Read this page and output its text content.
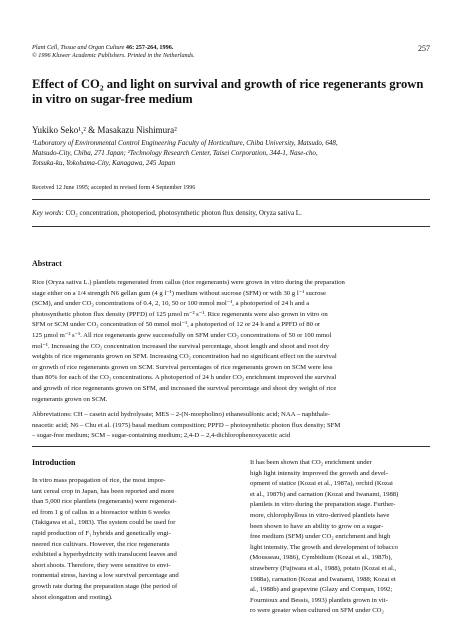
Plant Cell, Tissue and Organ Culture 46: 257-264, 1996.
© 1996 Kluwer Academic Publishers. Printed in the Netherlands.
257
Effect of CO₂ and light on survival and growth of rice regenerants grown in vitro on sugar-free medium
Yukiko Seko¹,² & Masakazu Nishimura²
¹Laboratory of Environmental Control Engineering Faculty of Horticulture, Chiba University, Matsudo, 648,
Matsudo-City, Chiba, 271 Japan; ²Technology Research Center, Taisei Corporation, 344-1, Nase-cho,
Totsuka-ku, Yokohama-City, Kanagawa, 245 Japan
Received 12 June 1995; accepted in revised form 4 September 1996
Key words: CO₂ concentration, photoperiod, photosynthetic photon flux density, Oryza sativa L.
Abstract
Rice (Oryza sativa L.) plantlets regenerated from callus (rice regenerants) were grown in vitro during the preparation
stage either on a 1/4 strength N6 gellan gum (4 g l⁻¹) medium without sucrose (SFM) or with 30 g l⁻¹ sucrose
(SCM), and under CO₂ concentrations of 0.4, 2, 10, 50 or 100 mmol mol⁻¹, a photoperiod of 24 h and a
photosynthetic photon flux density (PPFD) of 125 µmol m⁻² s⁻¹. Rice regenerants were also grown in vitro on
SFM or SCM under CO₂ concentration of 50 mmol mol⁻¹, a photoperiod of 12 or 24 h and a PPFD of 80 or
125 µmol m⁻² s⁻¹. All rice regenerants grew successfully on SFM under CO₂ concentrations of 50 or 100 mmol
mol⁻¹. Increasing the CO₂ concentration increased the survival percentage, shoot length and shoot and root dry
weights of rice regenerants grown on SFM. Increasing CO₂ concentration had no significant effect on the survival
or growth of rice regenerants grown on SCM. Survival percentages of rice regenerants grown on SCM were less
than 80% for each of the CO₂ concentrations. A photoperiod of 24 h under CO₂ enrichment improved the survival
and growth of rice regenerants grown on SFM, and increased the survival percentage and shoot dry weight of rice
regenerants grown on SCM.
Abbreviations: CH – casein acid hydrolysate; MES – 2-(N-morpholino) ethanesulfonic acid; NAA – naphthale-
neacetic acid; N6 – Chu et al. (1975) basal medium composition; PPFD – photosynthetic photon flux density; SFM
– sugar-free medium; SCM – sugar-containing medium; 2,4-D – 2,4-dichlorophenoxyacetic acid
Introduction
In vitro mass propagation of rice, the most impor-
tant cereal crop in Japan, has been reported and more
than 5,000 rice plantlets (regenerants) were regenerat-
ed from 1 g of callus in a bioreactor within 6 weeks
(Takigawa et al., 1983). The system could be used for
rapid production of F₁ hybrids and genetically engi-
neered rice cultivars. However, the rice regenerants
exhibited a hyperhydricity with translucent leaves and
short shoots. Therefore, they were sensitive to envi-
ronmental stress, having a low survival percentage and
growth rate during the preparation stage (the period of
shoot elongation and rooting).
It has been shown that CO₂ enrichment under
high light intensity improved the growth and devel-
opment of statice (Kozai et al., 1987a), orchid (Kozai
et al., 1987b) and carnation (Kozai and Iwanami, 1988)
plantlets in vitro during the preparation stage. Further-
more, chlorophyllous in vitro-derived plantlets have
been shown to have an ability to grow on a sugar-
free medium (SFM) under CO₂ enrichment and high
light intensity. The growth and development of tobacco
(Mousseau, 1986), Cymbidium (Kozai et al., 1987b),
strawberry (Fujiwara et al., 1988), potato (Kozai et al.,
1988a), carnation (Kozai and Iwanami, 1988; Kozai et
al., 1988b) and grapevine (Glazy and Compan, 1992;
Fournioux and Bessis, 1993) plantlets grown in vit-
ro were greater when cultured on SFM under CO₂
